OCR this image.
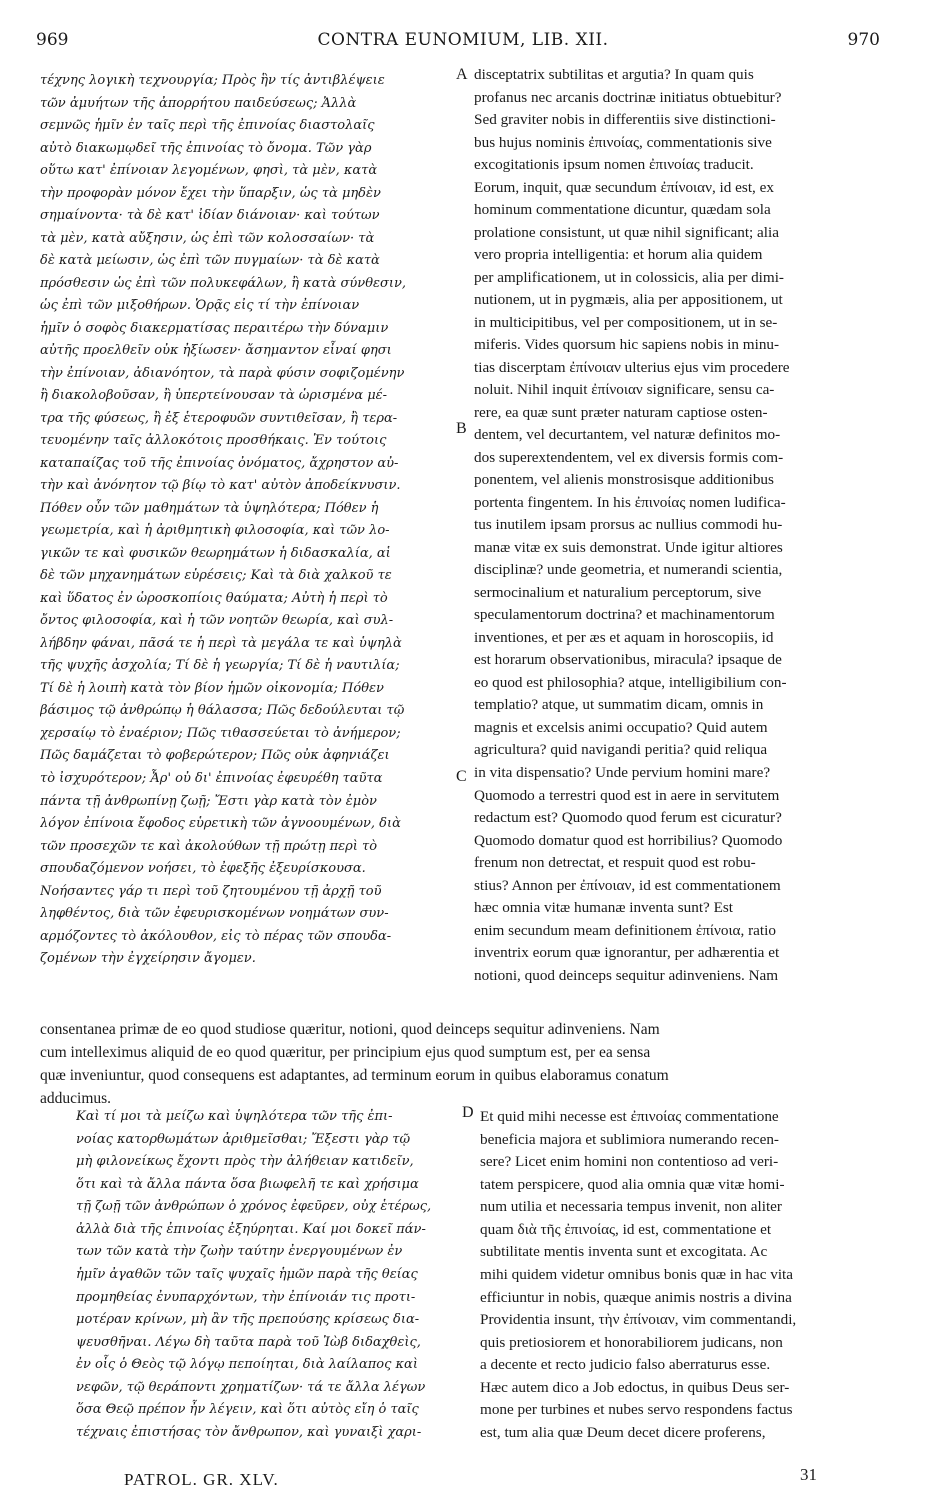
969	CONTRA EUNOMIUM, LIB. XII.	970
τέχνης λογικὴ τεχνουργία; Πρὸς ἣν τίς ἀντιβλέψειε
τῶν ἀμυήτων τῆς ἀπορρήτου παιδεύσεως; Ἀλλὰ
σεμνῶς ἡμῖν ἐν ταῖς περὶ τῆς ἐπινοίας διαστολαῖς
αὐτὸ διακωμῳδεῖ τῆς ἐπινοίας τὸ ὄνομα. Τῶν γὰρ
οὕτω κατ' ἐπίνοιαν λεγομένων, φησὶ, τὰ μὲν, κατὰ
τὴν προφορὰν μόνον ἔχει τὴν ὕπαρξιν, ὡς τὰ μηδὲν
σημαίνοντα· τὰ δὲ κατ' ἰδίαν διάνοιαν· καὶ τούτων
τὰ μὲν, κατὰ αὔξησιν, ὡς ἐπὶ τῶν κολοσσαίων· τὰ
δὲ κατὰ μείωσιν, ὡς ἐπὶ τῶν πυγμαίων· τὰ δὲ κατὰ
πρόσθεσιν ὡς ἐπὶ τῶν πολυκεφάλων, ἢ κατὰ σύνθεσιν,
ὡς ἐπὶ τῶν μιξοθήρων. Ὁρᾷς εἰς τί τὴν ἐπίνοιαν
ἡμῖν ὁ σοφὸς διακερματίσας περαιτέρω τὴν δύναμιν
αὐτῆς προελθεῖν οὐκ ἠξίωσεν· ἄσημαντον εἶναί φησι
τὴν ἐπίνοιαν, ἀδιανόητον, τὰ παρὰ φύσιν σοφιζομένην
ἢ διακολοβοῦσαν, ἢ ὑπερτείνουσαν τὰ ὡρισμένα μέ-
τρα τῆς φύσεως, ἢ ἐξ ἑτεροφυῶν συντιθεῖσαν, ἢ τερα-
τευομένην ταῖς ἀλλοκότοις προσθήκαις. Ἐν τούτοις
καταπαίζας τοῦ τῆς ἐπινοίας ὀνόματος, ἄχρηστον αὐ-
τὴν καὶ ἀνόνητον τῷ βίῳ τὸ κατ' αὐτὸν ἀποδείκνυσιν.
Πόθεν οὖν τῶν μαθημάτων τὰ ὑψηλότερα; Πόθεν ἡ
γεωμετρία, καὶ ἡ ἀριθμητικὴ φιλοσοφία, καὶ τῶν λο-
γικῶν τε καὶ φυσικῶν θεωρημάτων ἡ διδασκαλία, αἱ
δὲ τῶν μηχανημάτων εὑρέσεις; Καὶ τὰ διὰ χαλκοῦ τε
καὶ ὕδατος ἐν ὡροσκοπίοις θαύματα; Αὐτὴ ἡ περὶ τὸ
ὄντος φιλοσοφία, καὶ ἡ τῶν νοητῶν θεωρία, καὶ συλ-
λήβδην φάναι, πᾶσά τε ἡ περὶ τὰ μεγάλα τε καὶ ὑψηλὰ
τῆς ψυχῆς ἀσχολία; Τί δὲ ἡ γεωργία; Τί δὲ ἡ ναυτιλία;
Τί δὲ ἡ λοιπὴ κατὰ τὸν βίον ἡμῶν οἰκονομία; Πόθεν
βάσιμος τῷ ἀνθρώπῳ ἡ θάλασσα; Πῶς δεδούλευται τῷ
χερσαίῳ τὸ ἐναέριον; Πῶς τιθασσεύεται τὸ ἀνήμερον;
Πῶς δαμάζεται τὸ φοβερώτερον; Πῶς οὐκ ἀφηνιάζει
τὸ ἰσχυρότερον; Ἆρ' οὐ δι' ἐπινοίας ἐφευρέθη ταῦτα
πάντα τῇ ἀνθρωπίνῃ ζωῇ; Ἔστι γὰρ κατὰ τὸν ἐμὸν
λόγον ἐπίνοια ἔφοδος εὑρετικὴ τῶν ἀγνοουμένων, διὰ
τῶν προσεχῶν τε καὶ ἀκολούθων τῇ πρώτῃ περὶ τὸ
σπουδαζόμενον νοήσει, τὸ ἐφεξῆς ἐξευρίσκουσα.
Νοήσαντες γάρ τι περὶ τοῦ ζητουμένου τῇ ἀρχῇ τοῦ
ληφθέντος, διὰ τῶν ἐφευρισκομένων νοημάτων συν-
αρμόζοντες τὸ ἀκόλουθον, εἰς τὸ πέρας τῶν σπουδα-
ζομένων τὴν ἐγχείρησιν ἄγομεν.
disceptatrix subtilitas et argutia? In quam quis
profanus nec arcanis doctrinæ initiatus obtuebitur?
Sed graviter nobis in differentiis sive distinctioni-
bus hujus nominis ἐπινοίας, commentationis sive
excogitationis ipsum nomen ἐπινοίας traducit.
Eorum, inquit, quæ secundum ἐπίνοιαν, id est, ex
hominum commentatione dicuntur, quædam sola
prolatione consistunt, ut quæ nihil significant; alia
vero propria intelligentia: et horum alia quidem
per amplificationem, ut in colossicis, alia per dimi-
nutionem, ut in pygmæis, alia per appositionem, ut
in multicipitibus, vel per compositionem, ut in se-
miferis. Vides quorsum hic sapiens nobis in minu-
tias discerptam ἐπίνοιαν ulterius ejus vim procedere
noluit. Nihil inquit ἐπίνοιαν significare, sensu ca-
rere, ea quæ sunt præter naturam captiose osten-
dentem, vel decurtantem, vel naturæ definitos mo-
dos superextendentem, vel ex diversis formis com-
ponentem, vel alienis monstrosisque additionibus
portenta fingentem. In his ἐπινοίας nomen ludifica-
tus inutilem ipsam prorsus ac nullius commodi hu-
manæ vitæ ex suis demonstrat. Unde igitur altiores
disciplinæ? unde geometria, et numerandi scientia,
sermocinalium et naturalium perceptorum, sive
speculamentorum doctrina? et machinamentorum
inventiones, et per æs et aquam in horoscopiis, id
est horarum observationibus, miracula? ipsaque de
eo quod est philosophia? atque, intelligibilium con-
templatio? atque, ut summatim dicam, omnis in
magnis et excelsis animi occupatio? Quid autem
agricultura? quid navigandi peritia? quid reliqua
in vita dispensatio? Unde pervium homini mare?
Quomodo a terrestri quod est in aere in servitutem
redactum est? Quomodo quod ferum est cicuratur?
Quomodo domatur quod est horribilius? Quomodo
frenum non detrectat, et respuit quod est robu-
stius? Annon per ἐπίνοιαν, id est commentationem
hæc omnia vitæ humanæ inventa sunt? Est
enim secundum meam definitionem ἐπίνοια, ratio
inventrix eorum quæ ignorantur, per adhærentia et
notioni, quod deinceps sequitur adinveniens. Nam
consentanea primæ de eo quod studiose quæritur, notioni, quod deinceps sequitur adinveniens. Nam
cum intelleximus aliquid de eo quod quæritur, per principium ejus quod sumptum est, per ea sensa
quæ inveniuntur, quod consequens est adaptantes, ad terminum eorum in quibus elaboramus conatum
adducimus.
Καὶ τί μοι τὰ μείζω καὶ ὑψηλότερα τῶν τῆς ἐπι-
νοίας κατορθωμάτων ἀριθμεῖσθαι; Ἔξεστι γὰρ τῷ
μὴ φιλονείκως ἔχοντι πρὸς τὴν ἀλήθειαν κατιδεῖν,
ὅτι καὶ τὰ ἄλλα πάντα ὅσα βιωφελῆ τε καὶ χρήσιμα
τῇ ζωῇ τῶν ἀνθρώπων ὁ χρόνος ἐφεῦρεν, οὐχ ἑτέρως,
ἀλλὰ διὰ τῆς ἐπινοίας ἐξηύρηται. Καί μοι δοκεῖ πάν-
των τῶν κατὰ τὴν ζωὴν ταύτην ἐνεργουμένων ἐν
ἡμῖν ἀγαθῶν τῶν ταῖς ψυχαῖς ἡμῶν παρὰ τῆς θείας
προμηθείας ἐνυπαρχόντων, τὴν ἐπίνοιάν τις προτι-
μοτέραν κρίνων, μὴ ἂν τῆς πρεπούσης κρίσεως δια-
ψευσθῆναι. Λέγω δὴ ταῦτα παρὰ τοῦ Ἰὼβ διδαχθεὶς,
ἐν οἷς ὁ Θεὸς τῷ λόγῳ πεποίηται, διὰ λαίλαπος καὶ
νεφῶν, τῷ θεράποντι χρηματίζων· τά τε ἄλλα λέγων
ὅσα Θεῷ πρέπον ἦν λέγειν, καὶ ὅτι αὐτὸς εἴη ὁ ταῖς
τέχναις ἐπιστήσας τὸν ἄνθρωπον, καὶ γυναιξὶ χαρι-
Et quid mihi necesse est ἐπινοίας commentatione
beneficia majora et sublimiora numerando recen-
sere? Licet enim homini non contentioso ad veri-
tatem perspicere, quod alia omnia quæ vitæ homi-
num utilia et necessaria tempus invenit, non aliter
quam διὰ τῆς ἐπινοίας, id est, commentatione et
subtilitate mentis inventa sunt et excogitata. Ac
mihi quidem videtur omnibus bonis quæ in hac vita
efficiuntur in nobis, quæque animis nostris a divina
Providentia insunt, τὴν ἐπίνοιαν, vim commentandi,
quis pretiosiorem et honorabiliorem judicans, non
a decente et recto judicio falso aberraturus esse.
Hæc autem dico a Job edoctus, in quibus Deus ser-
mone per turbines et nubes servo respondens factus
est, tum alia quæ Deum decet dicere proferens,
A
B
C
D
PATROL. GR. XLV.	31
